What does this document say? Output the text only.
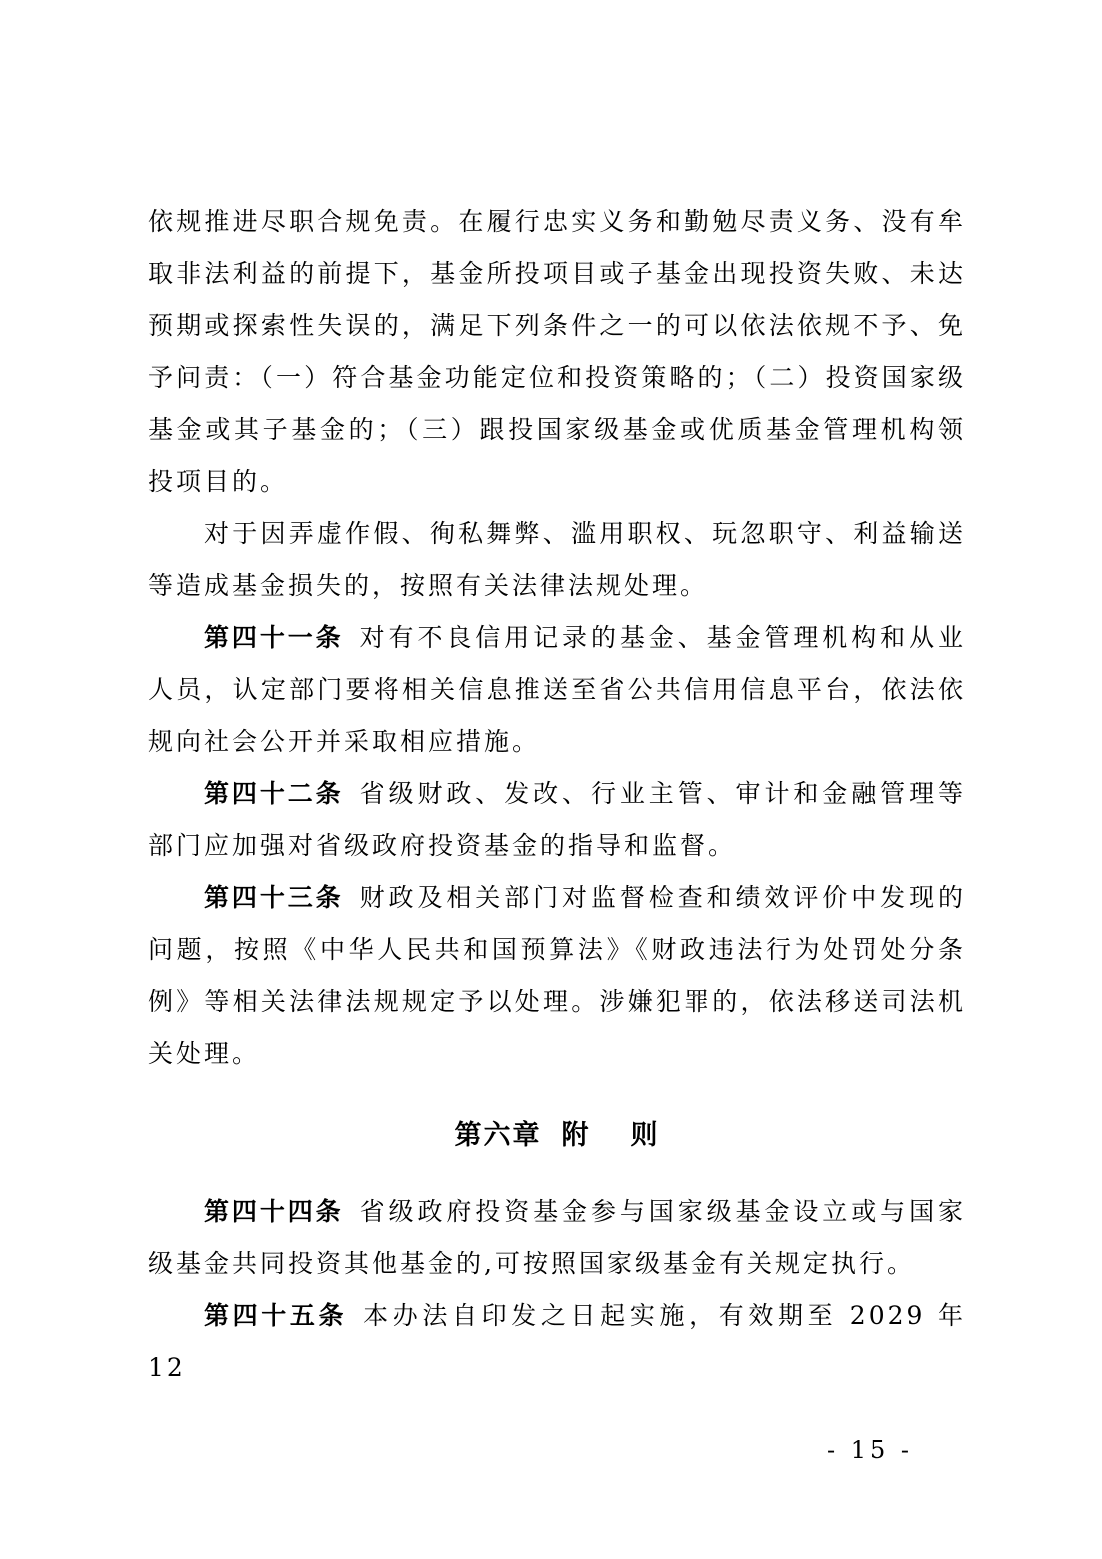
依规推进尽职合规免责。在履行忠实义务和勤勉尽责义务、没有牟取非法利益的前提下，基金所投项目或子基金出现投资失败、未达预期或探索性失误的，满足下列条件之一的可以依法依规不予、免予问责：（一）符合基金功能定位和投资策略的；（二）投资国家级基金或其子基金的；（三）跟投国家级基金或优质基金管理机构领投项目的。

对于因弄虚作假、徇私舞弊、滥用职权、玩忽职守、利益输送等造成基金损失的，按照有关法律法规处理。

第四十一条 对有不良信用记录的基金、基金管理机构和从业人员，认定部门要将相关信息推送至省公共信用信息平台，依法依规向社会公开并采取相应措施。

第四十二条 省级财政、发改、行业主管、审计和金融管理等部门应加强对省级政府投资基金的指导和监督。

第四十三条 财政及相关部门对监督检查和绩效评价中发现的问题，按照《中华人民共和国预算法》《财政违法行为处罚处分条例》等相关法律法规规定予以处理。涉嫌犯罪的，依法移送司法机关处理。

第六章 附 则

第四十四条 省级政府投资基金参与国家级基金设立或与国家级基金共同投资其他基金的,可按照国家级基金有关规定执行。

第四十五条 本办法自印发之日起实施，有效期至 2029 年 12

- 15 -
